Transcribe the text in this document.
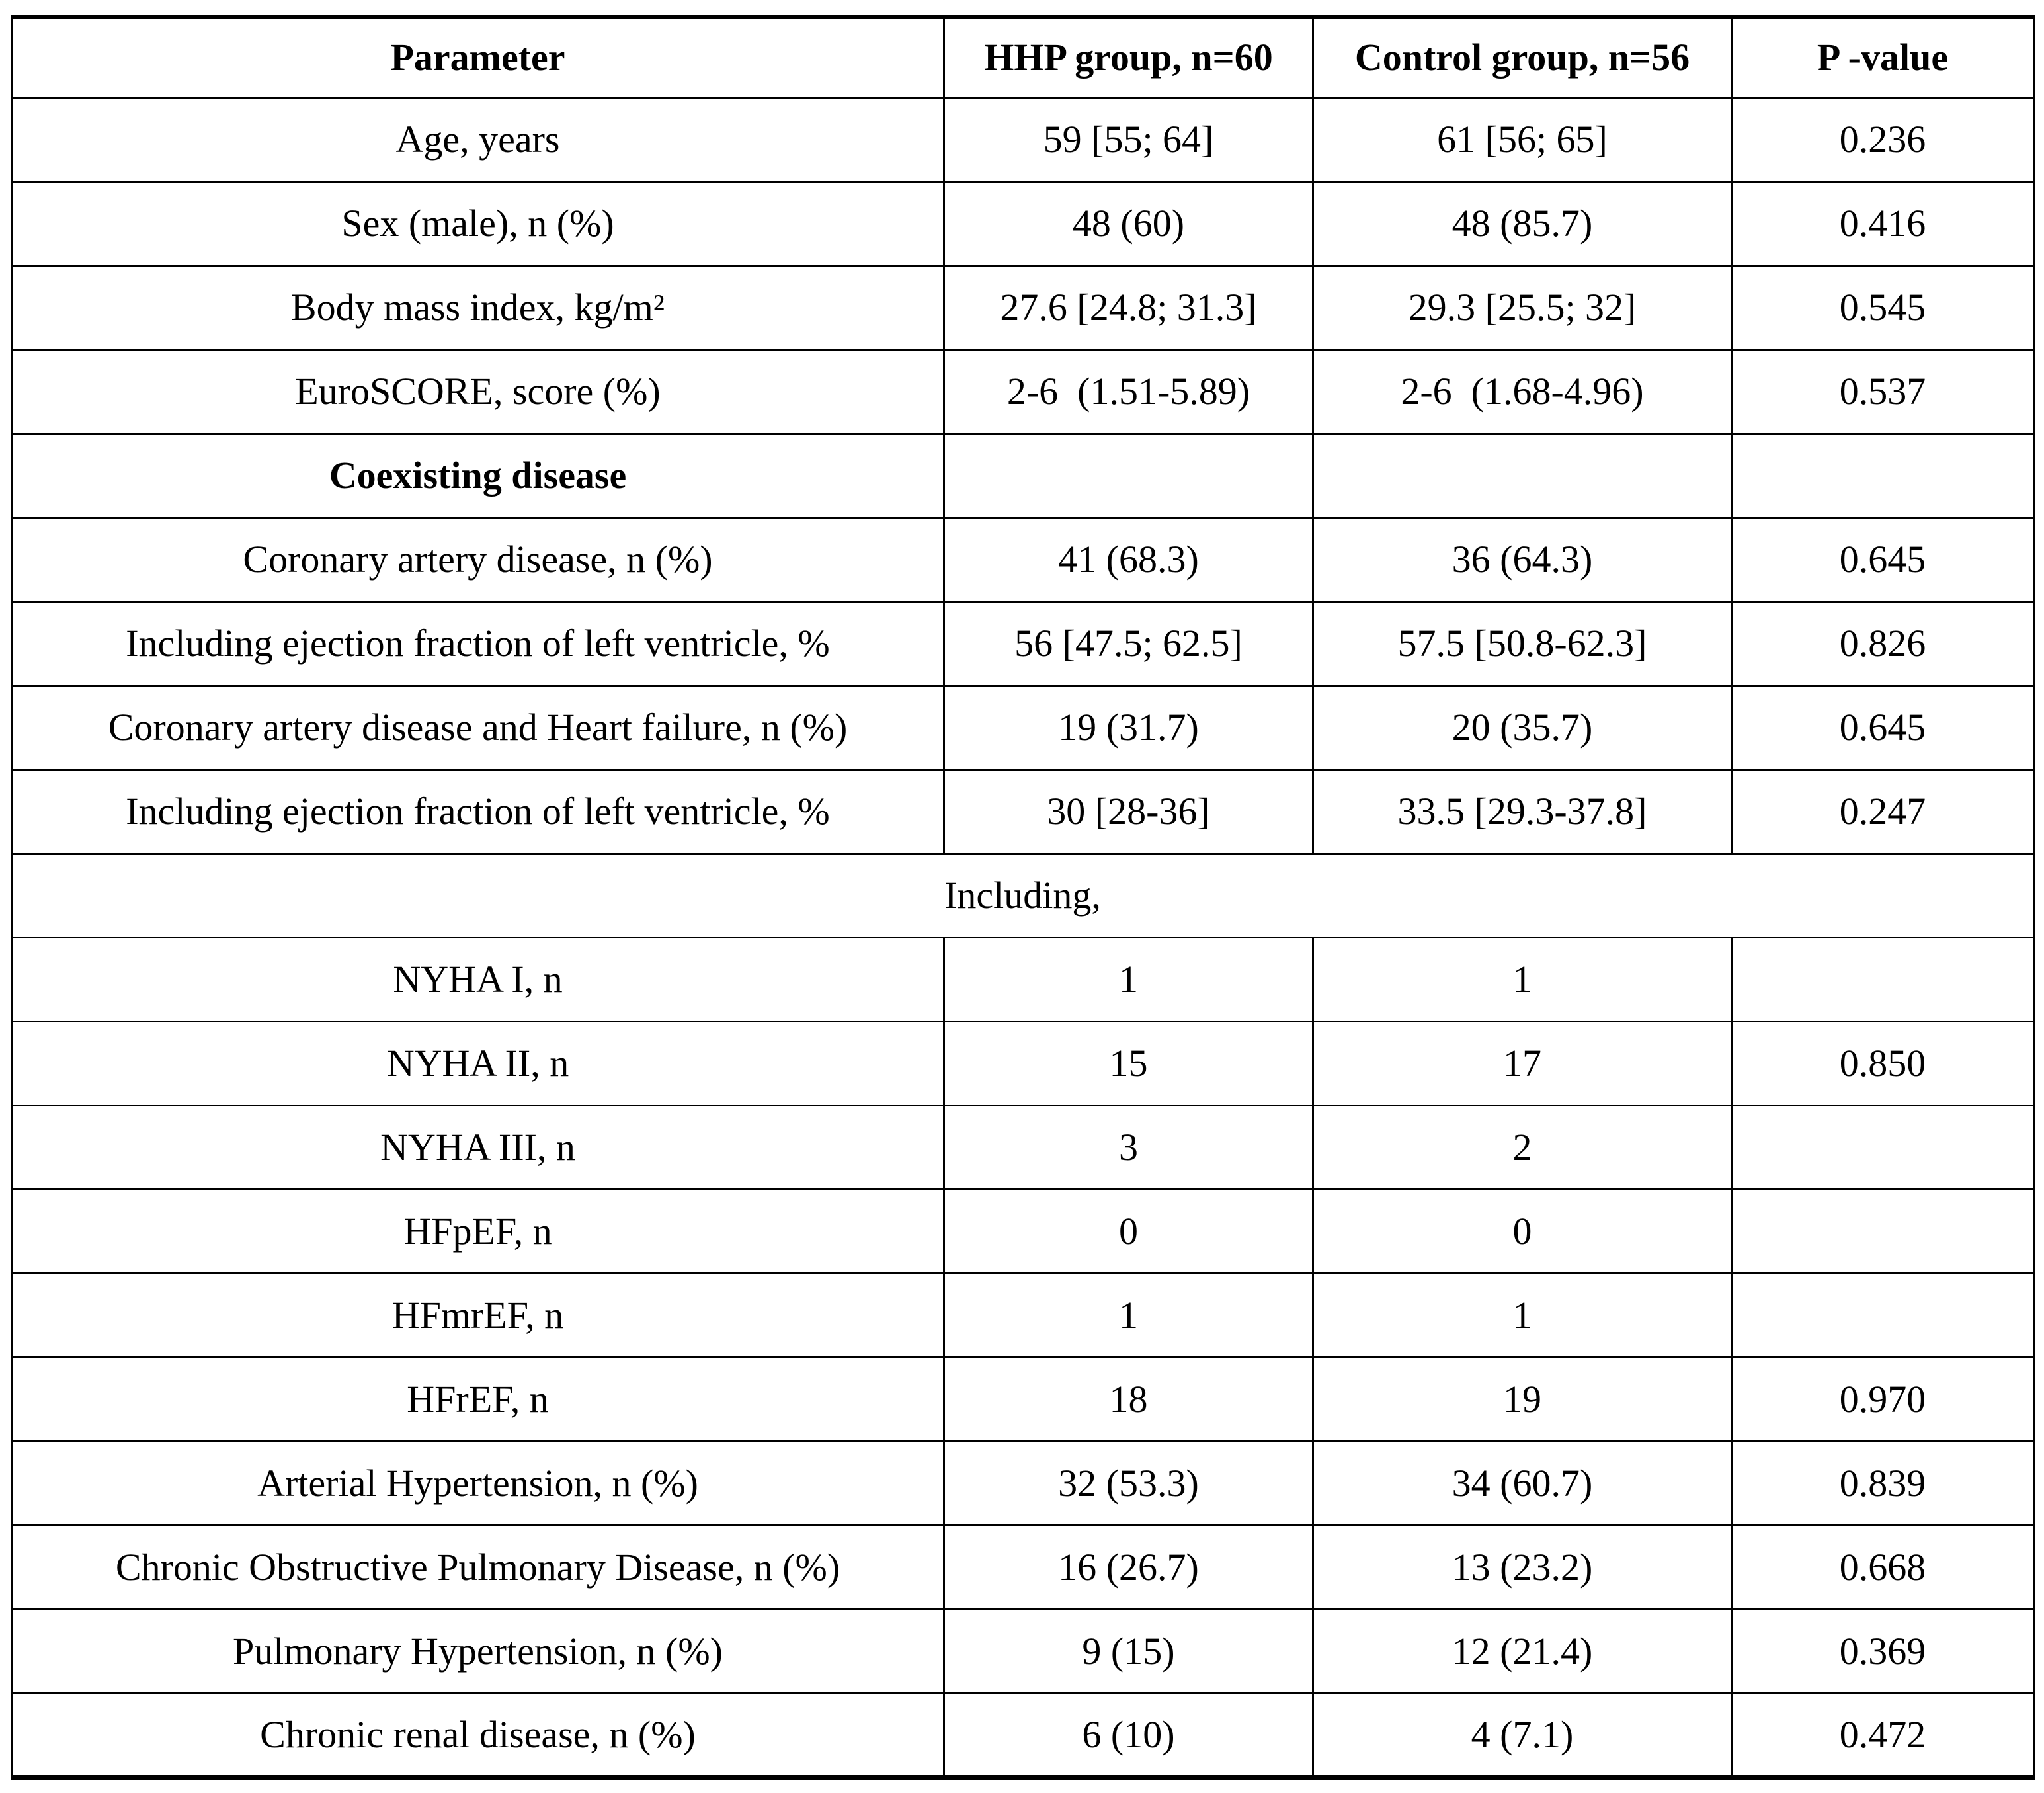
Parameter	HHP group, n=60	Control group, n=56	P -value
Age, years	59 [55; 64]	61 [56; 65]	0.236
Sex (male), n (%)	48 (60)	48 (85.7)	0.416
Body mass index, kg/m²	27.6 [24.8; 31.3]	29.3 [25.5; 32]	0.545
EuroSCORE, score (%)	2-6  (1.51-5.89)	2-6  (1.68-4.96)	0.537
Coexisting disease			
Coronary artery disease, n (%)	41 (68.3)	36 (64.3)	0.645
Including ejection fraction of left ventricle, %	56 [47.5; 62.5]	57.5 [50.8-62.3]	0.826
Coronary artery disease and Heart failure, n (%)	19 (31.7)	20 (35.7)	0.645
Including ejection fraction of left ventricle, %	30 [28-36]	33.5 [29.3-37.8]	0.247
Including,			
NYHA I, n	1	1	
NYHA II, n	15	17	0.850
NYHA III, n	3	2	
HFpEF, n	0	0	
HFmrEF, n	1	1	
HFrEF, n	18	19	0.970
Arterial Hypertension, n (%)	32 (53.3)	34 (60.7)	0.839
Chronic Obstructive Pulmonary Disease, n (%)	16 (26.7)	13 (23.2)	0.668
Pulmonary Hypertension, n (%)	9 (15)	12 (21.4)	0.369
Chronic renal disease, n (%)	6 (10)	4 (7.1)	0.472
